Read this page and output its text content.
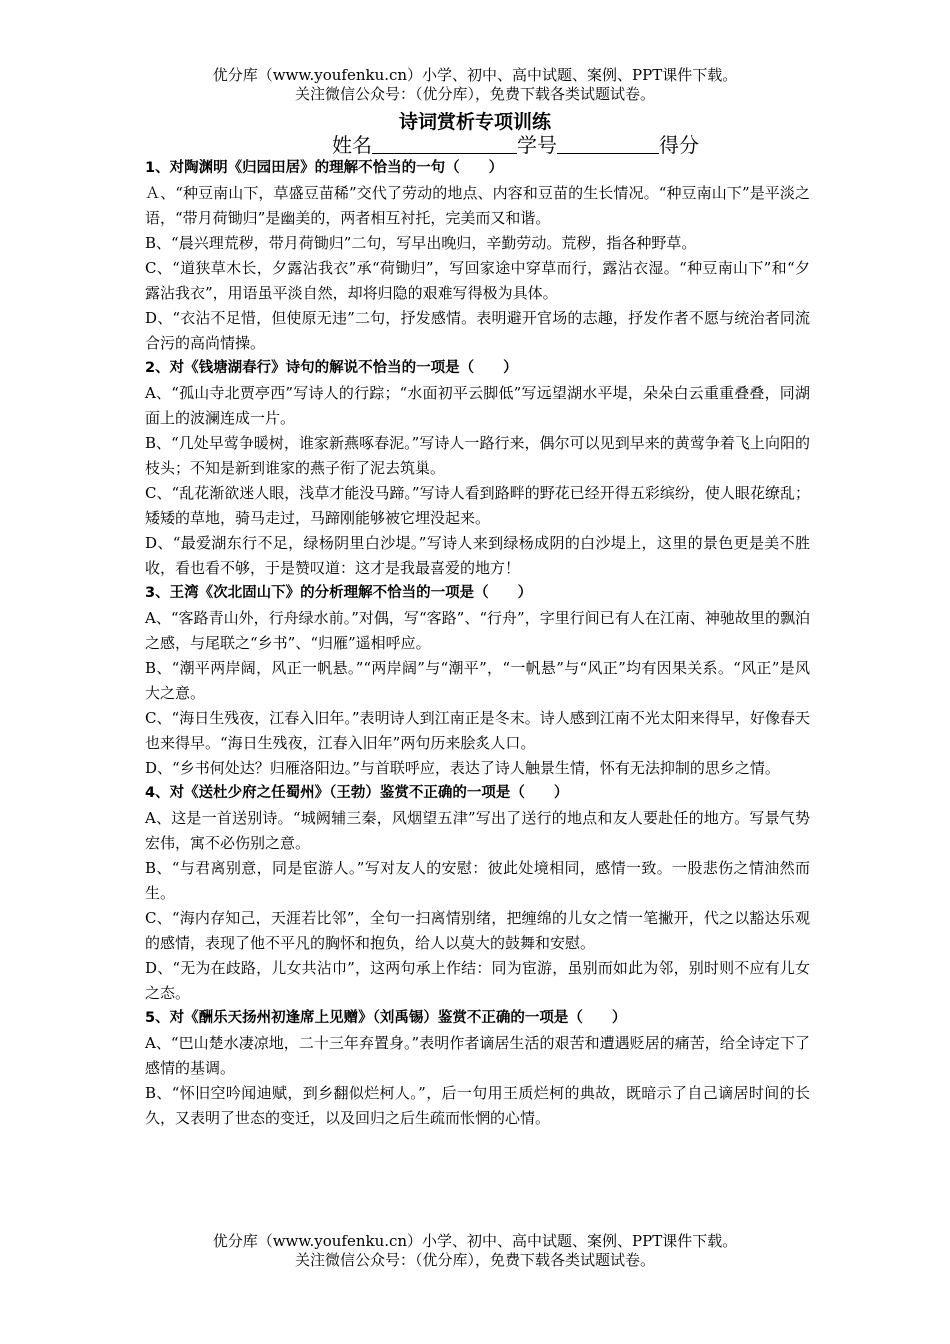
优分库（www.youfenku.cn）小学、初中、高中试题、案例、PPT课件下载。
关注微信公众号：（优分库），免费下载各类试题试卷。
诗词赏析专项训练
姓名	学号	得分

1、对陶渊明《归园田居》的理解不恰当的一句（　　）

Ａ、“种豆南山下，草盛豆苗稀”交代了劳动的地点、内容和豆苗的生长情况。“种豆南山下”是平淡之语，“带月荷锄归”是幽美的，两者相互衬托，完美而又和谐。

B、“晨兴理荒秽，带月荷锄归”二句，写早出晚归，辛勤劳动。荒秽，指各种野草。

C、“道狭草木长，夕露沾我衣”承“荷锄归”，写回家途中穿草而行，露沾衣湿。“种豆南山下”和“夕露沾我衣”，用语虽平淡自然，却将归隐的艰难写得极为具体。

D、“衣沾不足惜，但使原无违”二句，抒发感情。表明避开官场的志趣，抒发作者不愿与统治者同流合污的高尚情操。

2、对《钱塘湖春行》诗句的解说不恰当的一项是（　　）

A、“孤山寺北贾亭西”写诗人的行踪；“水面初平云脚低”写远望湖水平堤，朵朵白云重重叠叠，同湖面上的波澜连成一片。

B、“几处早莺争暖树，谁家新燕啄春泥。”写诗人一路行来，偶尔可以见到早来的黄莺争着飞上向阳的枝头；不知是新到谁家的燕子衔了泥去筑巢。

C、“乱花渐欲迷人眼，浅草才能没马蹄。”写诗人看到路畔的野花已经开得五彩缤纷，使人眼花缭乱；矮矮的草地，骑马走过，马蹄刚能够被它埋没起来。

D、“最爱湖东行不足，绿杨阴里白沙堤。”写诗人来到绿杨成阴的白沙堤上，这里的景色更是美不胜收，看也看不够，于是赞叹道：这才是我最喜爱的地方！

3、王湾《次北固山下》的分析理解不恰当的一项是（　　）

A、“客路青山外，行舟绿水前。”对偶，写“客路”、“行舟”，字里行间已有人在江南、神驰故里的飘泊之感，与尾联之“乡书”、“归雁”遥相呼应。

B、“潮平两岸阔，风正一帆悬。”“两岸阔”与“潮平”，“一帆悬”与“风正”均有因果关系。“风正”是风大之意。

C、“海日生残夜，江春入旧年。”表明诗人到江南正是冬末。诗人感到江南不光太阳来得早，好像春天也来得早。“海日生残夜，江春入旧年”两句历来脍炙人口。

D、“乡书何处达？归雁洛阳边。”与首联呼应，表达了诗人触景生情，怀有无法抑制的思乡之情。

4、对《送杜少府之任蜀州》（王勃）鉴赏不正确的一项是（　　）

A、这是一首送别诗。“城阙辅三秦，风烟望五津”写出了送行的地点和友人要赴任的地方。写景气势宏伟，寓不必伤别之意。

B、“与君离别意，同是宦游人。”写对友人的安慰：彼此处境相同，感情一致。一股悲伤之情油然而生。

C、“海内存知己，天涯若比邻”，全句一扫离情别绪，把缠绵的儿女之情一笔撇开，代之以豁达乐观的感情，表现了他不平凡的胸怀和抱负，给人以莫大的鼓舞和安慰。

D、“无为在歧路，儿女共沾巾”，这两句承上作结：同为宦游，虽别而如此为邻，别时则不应有儿女之态。

5、对《酬乐天扬州初逢席上见赠》（刘禹锡）鉴赏不正确的一项是（　　）

A、“巴山楚水凄凉地，二十三年弃置身。”表明作者谪居生活的艰苦和遭遇贬居的痛苦，给全诗定下了感情的基调。

B、“怀旧空吟闻迪赋，到乡翻似烂柯人。”，后一句用王质烂柯的典故，既暗示了自己谪居时间的长久，又表明了世态的变迁，以及回归之后生疏而怅惘的心情。

优分库（www.youfenku.cn）小学、初中、高中试题、案例、PPT课件下载。
关注微信公众号：（优分库），免费下载各类试题试卷。
